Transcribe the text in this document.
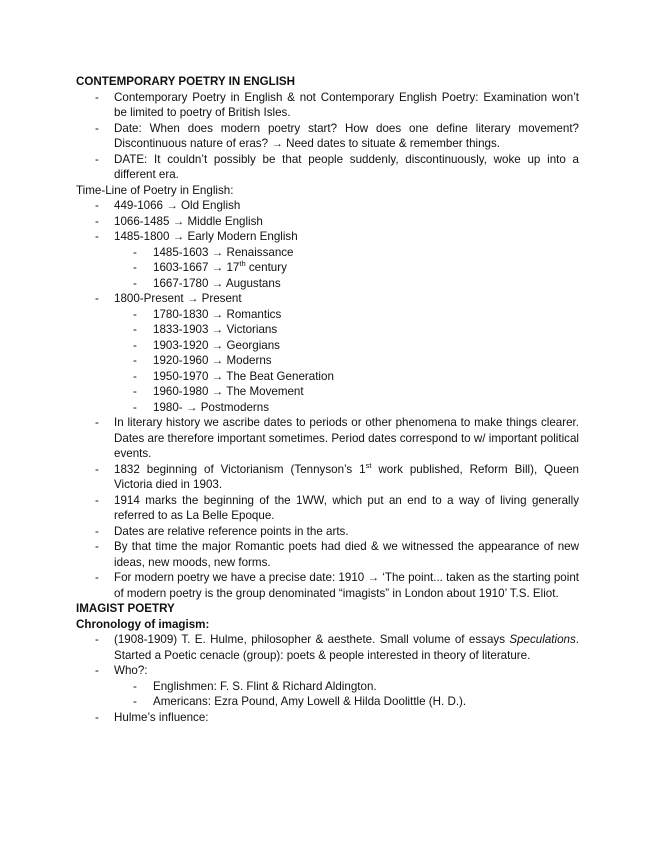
CONTEMPORARY POETRY IN ENGLISH
- Contemporary Poetry in English & not Contemporary English Poetry: Examination won’t be limited to poetry of British Isles.
- Date: When does modern poetry start? How does one define literary movement? Discontinuous nature of eras? → Need dates to situate & remember things.
- DATE: It couldn’t possibly be that people suddenly, discontinuously, woke up into a different era.
Time-Line of Poetry in English:
- 449-1066 → Old English
- 1066-1485 → Middle English
- 1485-1800 → Early Modern English
- 1485-1603 → Renaissance
- 1603-1667 → 17th century
- 1667-1780 → Augustans
- 1800-Present → Present
- 1780-1830 → Romantics
- 1833-1903 → Victorians
- 1903-1920 → Georgians
- 1920-1960 → Moderns
- 1950-1970 → The Beat Generation
- 1960-1980 → The Movement
- 1980- → Postmoderns
- In literary history we ascribe dates to periods or other phenomena to make things clearer. Dates are therefore important sometimes. Period dates correspond to w/ important political events.
- 1832 beginning of Victorianism (Tennyson’s 1st work published, Reform Bill), Queen Victoria died in 1903.
- 1914 marks the beginning of the 1WW, which put an end to a way of living generally referred to as La Belle Epoque.
- Dates are relative reference points in the arts.
- By that time the major Romantic poets had died & we witnessed the appearance of new ideas, new moods, new forms.
- For modern poetry we have a precise date: 1910 → ‘The point... taken as the starting point of modern poetry is the group denominated “imagists” in London about 1910’ T.S. Eliot.
IMAGIST POETRY
Chronology of imagism:
- (1908-1909) T. E. Hulme, philosopher & aesthete. Small volume of essays Speculations. Started a Poetic cenacle (group): poets & people interested in theory of literature.
- Who?:
- Englishmen: F. S. Flint & Richard Aldington.
- Americans: Ezra Pound, Amy Lowell & Hilda Doolittle (H. D.).
- Hulme’s influence:
